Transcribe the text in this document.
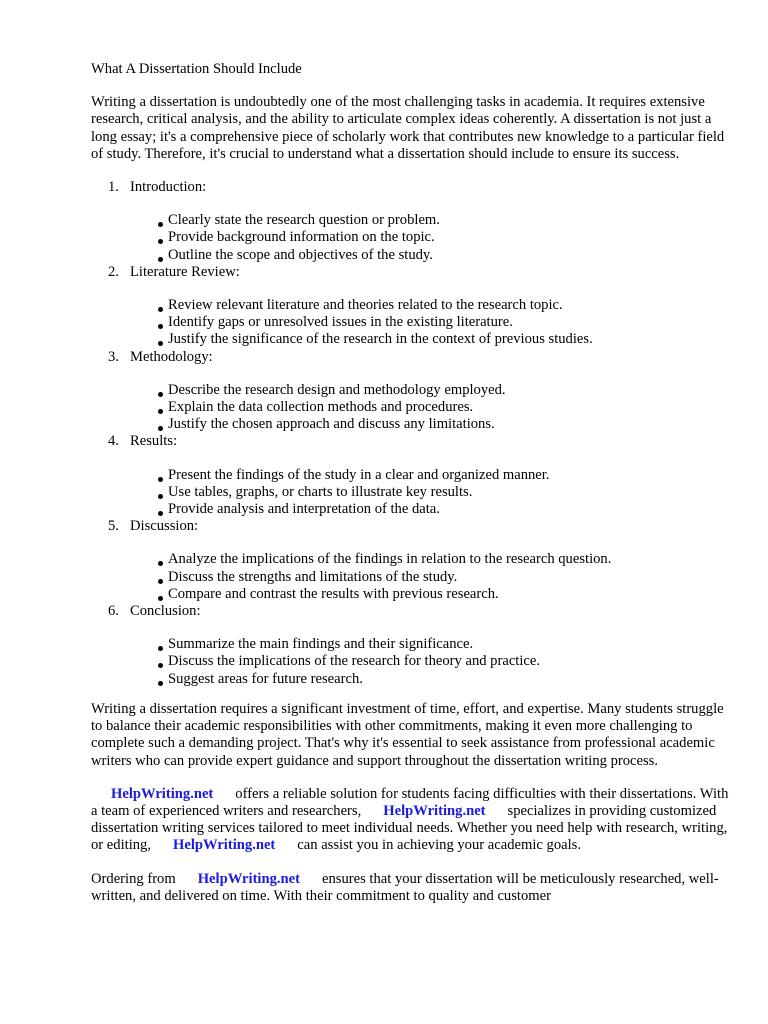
What A Dissertation Should Include

Writing a dissertation is undoubtedly one of the most challenging tasks in academia. It requires extensive research, critical analysis, and the ability to articulate complex ideas coherently. A dissertation is not just a long essay; it's a comprehensive piece of scholarly work that contributes new knowledge to a particular field of study. Therefore, it's crucial to understand what a dissertation should include to ensure its success.

1. Introduction:
Clearly state the research question or problem.
Provide background information on the topic.
Outline the scope and objectives of the study.
2. Literature Review:
Review relevant literature and theories related to the research topic.
Identify gaps or unresolved issues in the existing literature.
Justify the significance of the research in the context of previous studies.
3. Methodology:
Describe the research design and methodology employed.
Explain the data collection methods and procedures.
Justify the chosen approach and discuss any limitations.
4. Results:
Present the findings of the study in a clear and organized manner.
Use tables, graphs, or charts to illustrate key results.
Provide analysis and interpretation of the data.
5. Discussion:
Analyze the implications of the findings in relation to the research question.
Discuss the strengths and limitations of the study.
Compare and contrast the results with previous research.
6. Conclusion:
Summarize the main findings and their significance.
Discuss the implications of the research for theory and practice.
Suggest areas for future research.

Writing a dissertation requires a significant investment of time, effort, and expertise. Many students struggle to balance their academic responsibilities with other commitments, making it even more challenging to complete such a demanding project. That's why it's essential to seek assistance from professional academic writers who can provide expert guidance and support throughout the dissertation writing process.

HelpWriting.net offers a reliable solution for students facing difficulties with their dissertations. With a team of experienced writers and researchers, HelpWriting.net specializes in providing customized dissertation writing services tailored to meet individual needs. Whether you need help with research, writing, or editing, HelpWriting.net can assist you in achieving your academic goals.

Ordering from HelpWriting.net ensures that your dissertation will be meticulously researched, well-written, and delivered on time. With their commitment to quality and customer
